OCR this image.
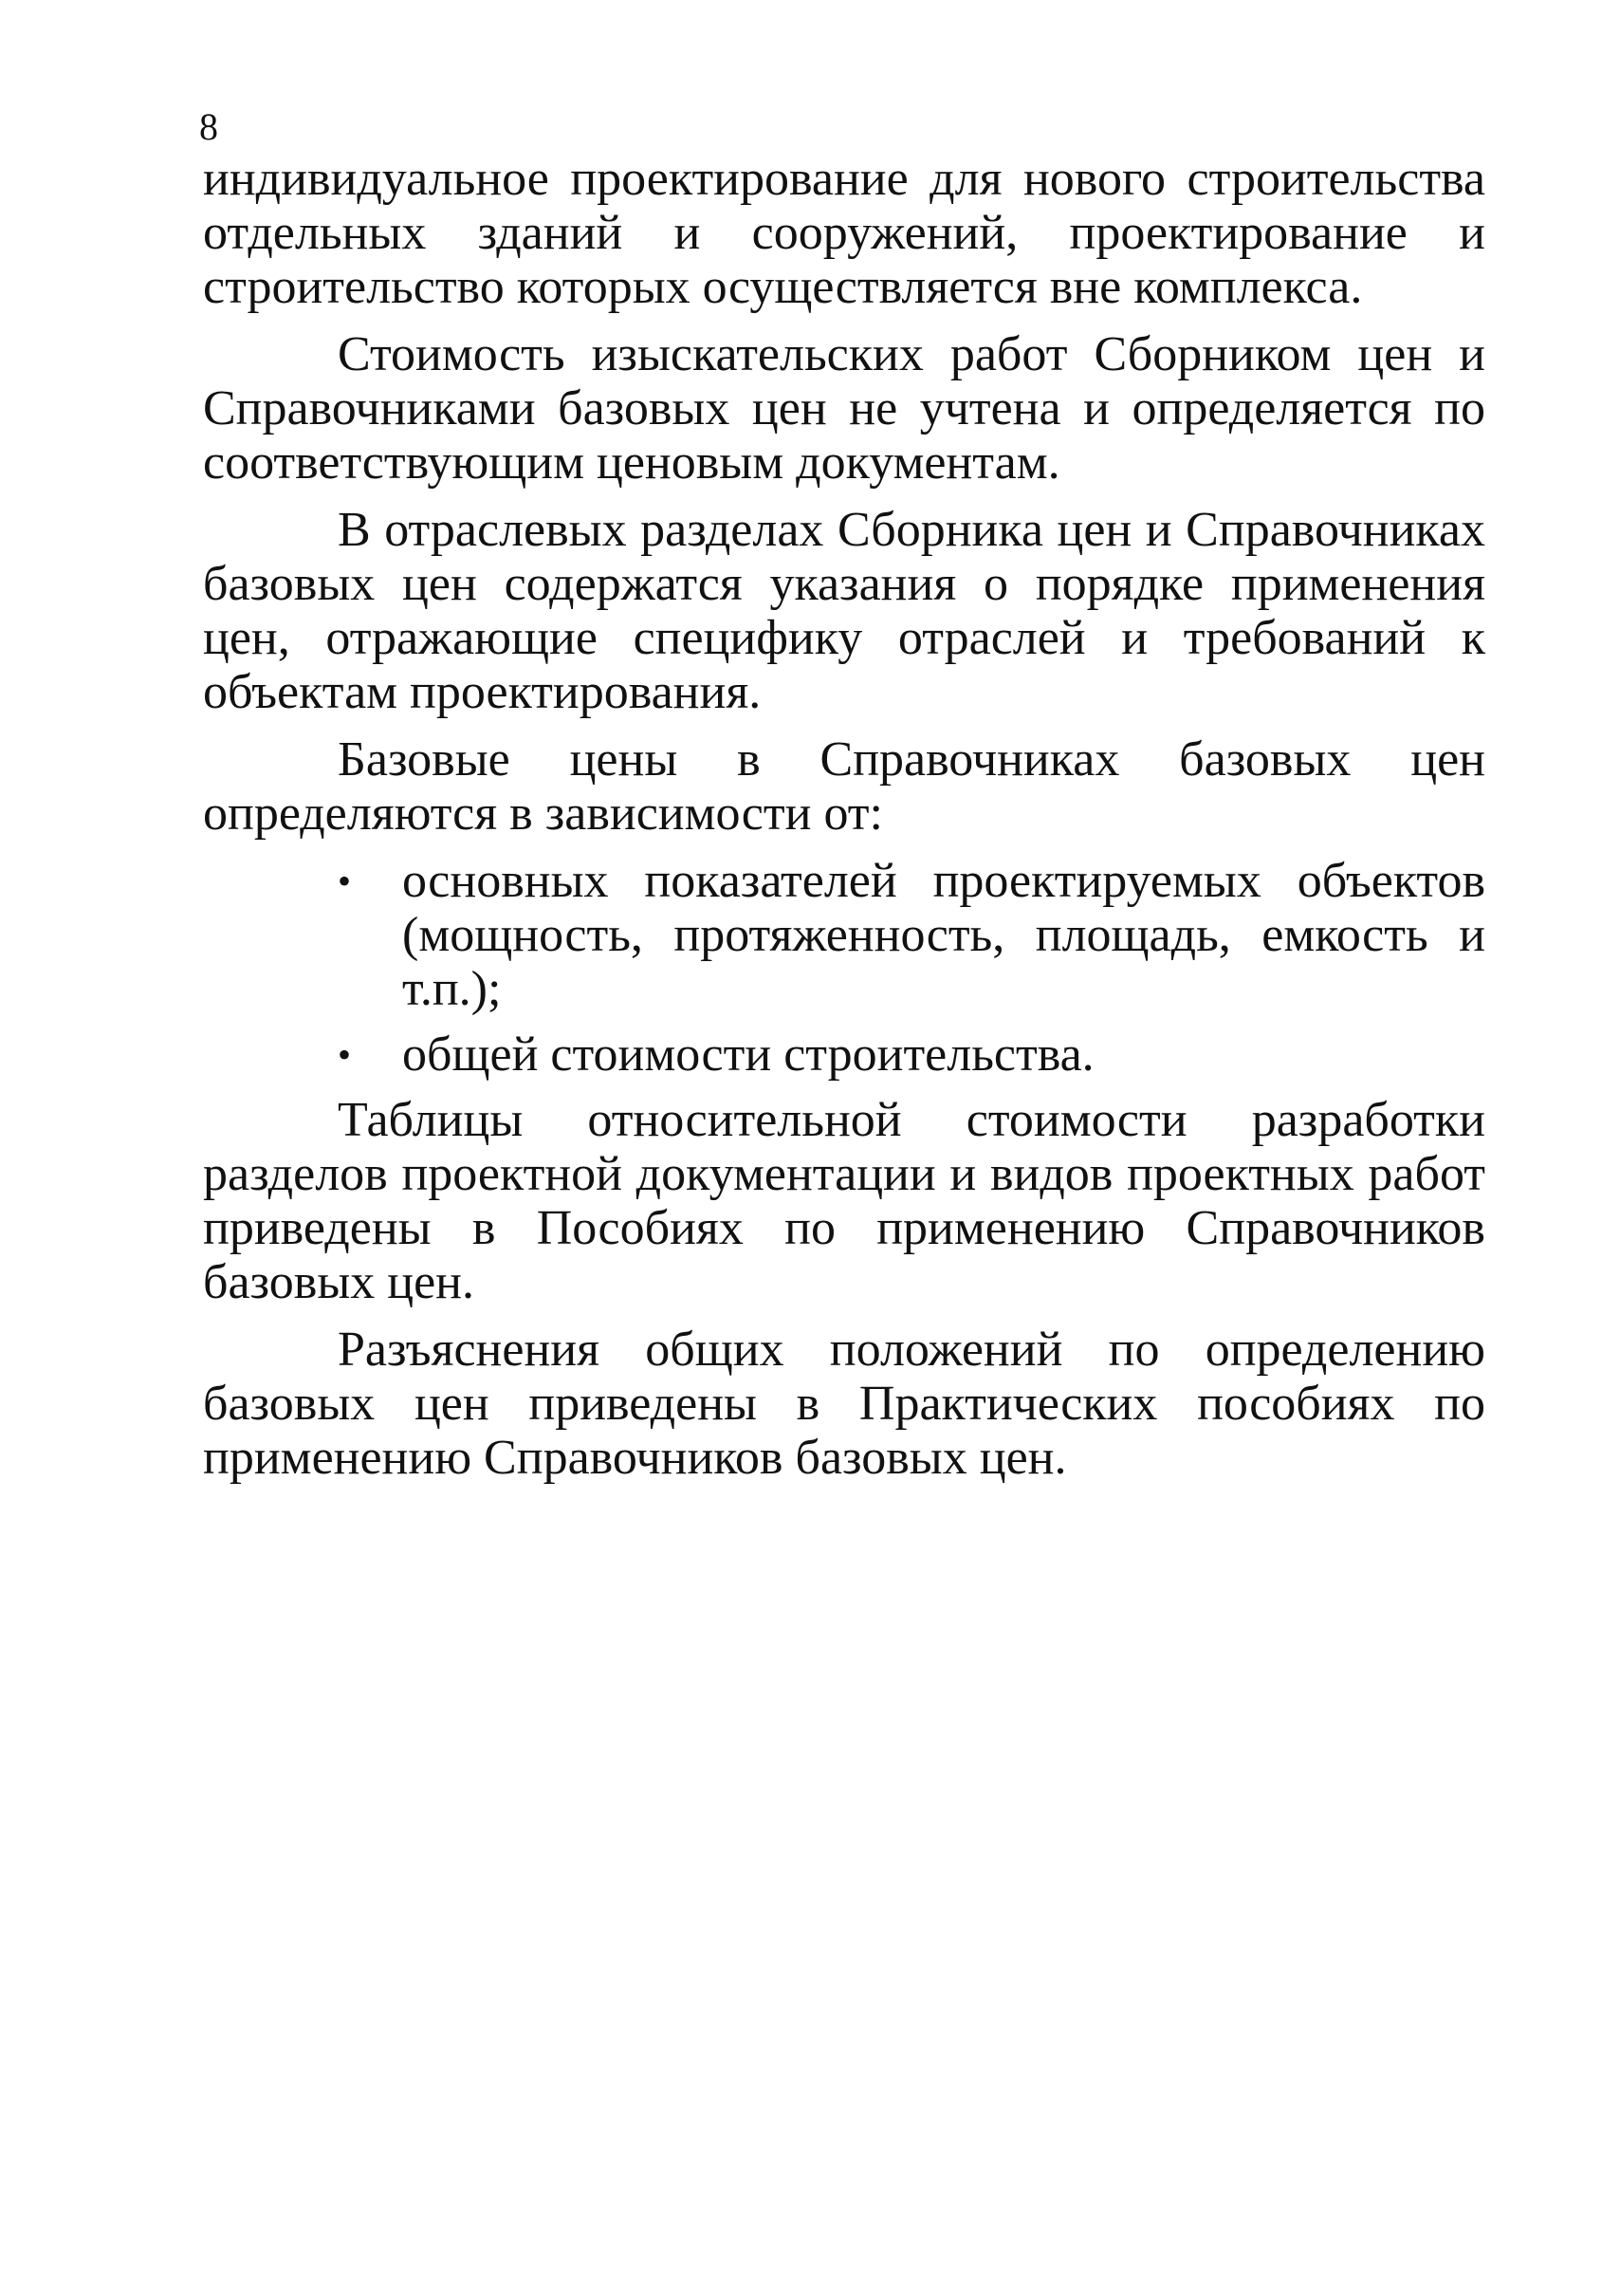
8

индивидуальное проектирование для нового строительства отдельных зданий и сооружений, проектирование и строительство которых осуществляется вне комплекса.

Стоимость изыскательских работ Сборником цен и Справочниками базовых цен не учтена и определяется по соответствующим ценовым документам.

В отраслевых разделах Сборника цен и Справочниках базовых цен содержатся указания о порядке применения цен, отражающие специфику отраслей и требований к объектам проектирования.

Базовые цены в Справочниках базовых цен определяются в зависимости от:

•	основных показателей проектируемых объектов (мощность, протяженность, площадь, емкость и т.п.);
•	общей стоимости строительства.

Таблицы относительной стоимости разработки разделов проектной документации и видов проектных работ приведены в Пособиях по применению Справочников базовых цен.

Разъяснения общих положений по определению базовых цен приведены в Практических пособиях по применению Справочников базовых цен.
